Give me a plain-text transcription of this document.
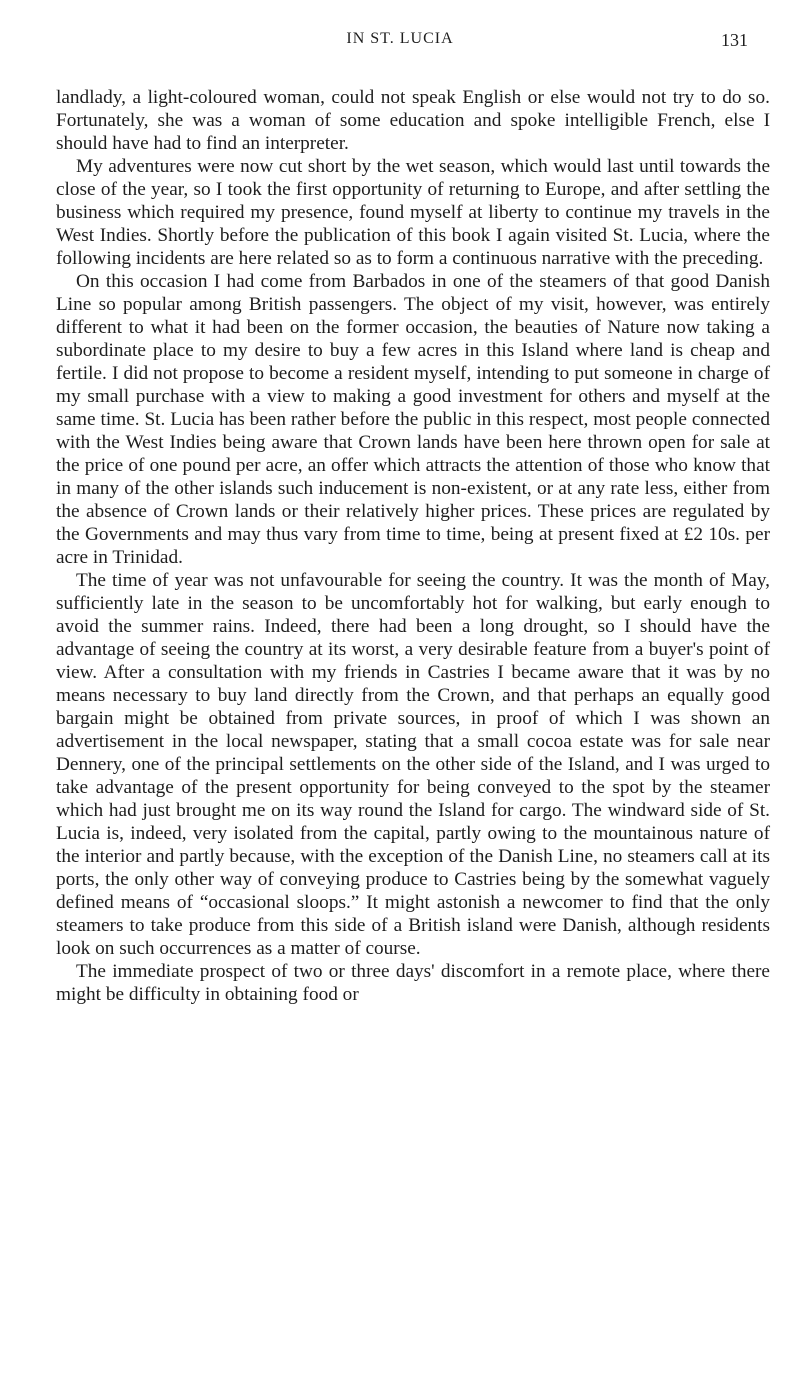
IN ST. LUCIA	131

landlady, a light-coloured woman, could not speak English or else would not try to do so. Fortunately, she was a woman of some education and spoke intelligible French, else I should have had to find an interpreter.

My adventures were now cut short by the wet season, which would last until towards the close of the year, so I took the first opportunity of returning to Europe, and after settling the business which required my presence, found myself at liberty to continue my travels in the West Indies. Shortly before the publication of this book I again visited St. Lucia, where the following incidents are here related so as to form a continuous narrative with the preceding.

On this occasion I had come from Barbados in one of the steamers of that good Danish Line so popular among British passengers. The object of my visit, however, was entirely different to what it had been on the former occasion, the beauties of Nature now taking a subordinate place to my desire to buy a few acres in this Island where land is cheap and fertile. I did not propose to become a resident myself, intending to put someone in charge of my small purchase with a view to making a good investment for others and myself at the same time. St. Lucia has been rather before the public in this respect, most people connected with the West Indies being aware that Crown lands have been here thrown open for sale at the price of one pound per acre, an offer which attracts the attention of those who know that in many of the other islands such inducement is non-existent, or at any rate less, either from the absence of Crown lands or their relatively higher prices. These prices are regulated by the Governments and may thus vary from time to time, being at present fixed at £2 10s. per acre in Trinidad.

The time of year was not unfavourable for seeing the country. It was the month of May, sufficiently late in the season to be uncomfortably hot for walking, but early enough to avoid the summer rains. Indeed, there had been a long drought, so I should have the advantage of seeing the country at its worst, a very desirable feature from a buyer's point of view. After a consultation with my friends in Castries I became aware that it was by no means necessary to buy land directly from the Crown, and that perhaps an equally good bargain might be obtained from private sources, in proof of which I was shown an advertisement in the local newspaper, stating that a small cocoa estate was for sale near Dennery, one of the principal settlements on the other side of the Island, and I was urged to take advantage of the present opportunity for being conveyed to the spot by the steamer which had just brought me on its way round the Island for cargo. The windward side of St. Lucia is, indeed, very isolated from the capital, partly owing to the mountainous nature of the interior and partly because, with the exception of the Danish Line, no steamers call at its ports, the only other way of conveying produce to Castries being by the somewhat vaguely defined means of “occasional sloops.” It might astonish a newcomer to find that the only steamers to take produce from this side of a British island were Danish, although residents look on such occurrences as a matter of course.

The immediate prospect of two or three days' discomfort in a remote place, where there might be difficulty in obtaining food or
